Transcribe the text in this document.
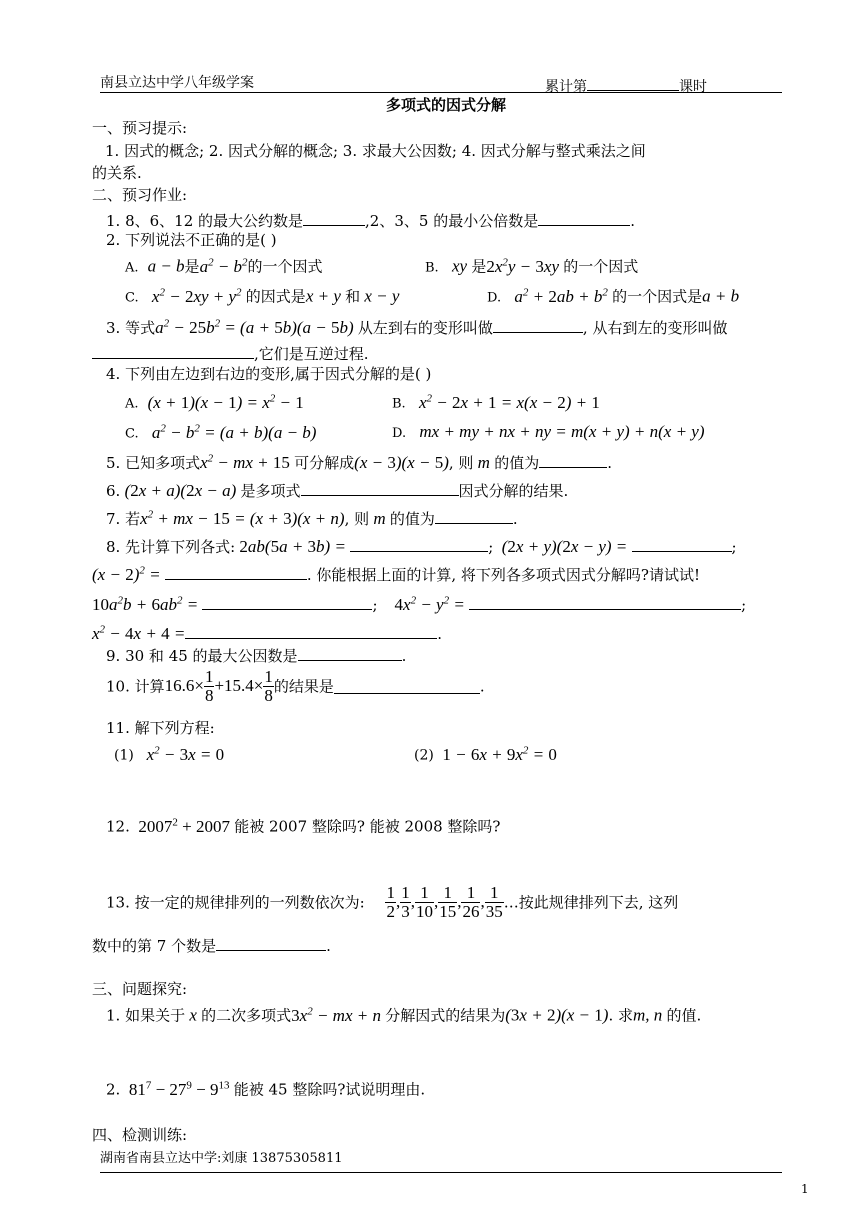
南县立达中学八年级学案	累计第	课时
多项式的因式分解
一、预习提示:
1. 因式的概念; 2. 因式分解的概念; 3. 求最大公因数; 4. 因式分解与整式乘法之间
的关系.
二、预习作业:
1. 8、6、12 的最大公约数是	,2、3、5 的最小公倍数是	.
2. 下列说法不正确的是( )
A.  a − b是$a^2 - b^2$的一个因式	B.   xy 是$2x^2y - 3xy$ 的一个因式
C.   $x^2 - 2xy + y^2$ 的因式是x + y 和 x − y	D.   $a^2 + 2ab + b^2$ 的一个因式是a + b
3. 等式$a^2 - 25b^2 = (a + 5b)(a - 5b)$ 从左到右的变形叫做	, 从右到左的变形叫做
,它们是互逆过程.
4. 下列由左边到右边的变形,属于因式分解的是( )
A.  $(x + 1)(x - 1) = x^2 - 1$	B.   $x^2 - 2x + 1 = x(x - 2) + 1$
C.   $a^2 - b^2 = (a + b)(a - b)$	D.   mx + my + nx + ny = m(x + y) + n(x + y)
5. 已知多项式$x^2$ − mx + 15 可分解成(x − 3)(x − 5), 则 m 的值为	.
6. (2x + a)(2x − a) 是多项式	因式分解的结果.
7. 若$x^2$ + mx − 15 = (x + 3)(x + n), 则 m 的值为	.
8. 先计算下列各式: 2ab(5a + 3b) =	;  (2x + y)(2x − y) =	;
$(x - 2)^2$ =	. 你能根据上面的计算, 将下列各多项式因式分解吗?请试试!
$10a^2b + 6ab^2$ =	; $4x^2 - y^2$ =	;
$x^2 - 4x + 4$ =	.
9. 30 和 45 的最大公因数是	.
10. 计算$16.6\times \frac{1}{8} +15.4\times \frac{1}{8}$ 的结果是	.
11. 解下列方程:
(1)   $x^2 - 3x = 0$	(2) $1 - 6x + 9x^2 = 0$
12.  $2007^2 + 2007$ 能被 2007 整除吗? 能被 2008 整除吗?
13. 按一定的规律排列的一列数依次为: $\frac{1}{2}$ , $\frac{1}{3}$ , $\frac{1}{10}$ , $\frac{1}{15}$ , $\frac{1}{26}$ , $\frac{1}{35}$ …按此规律排列下去, 这列
数中的第 7 个数是	.
三、问题探究:
1. 如果关于 x 的二次多项式$3x^2$ − mx + n 分解因式的结果为(3x + 2)(x − 1). 求m, n 的值.
2.  $81^7 - 27^9 - 9^{13}$ 能被 45 整除吗?试说明理由.
四、检测训练:
湖南省南县立达中学:刘康 13875305811
1
